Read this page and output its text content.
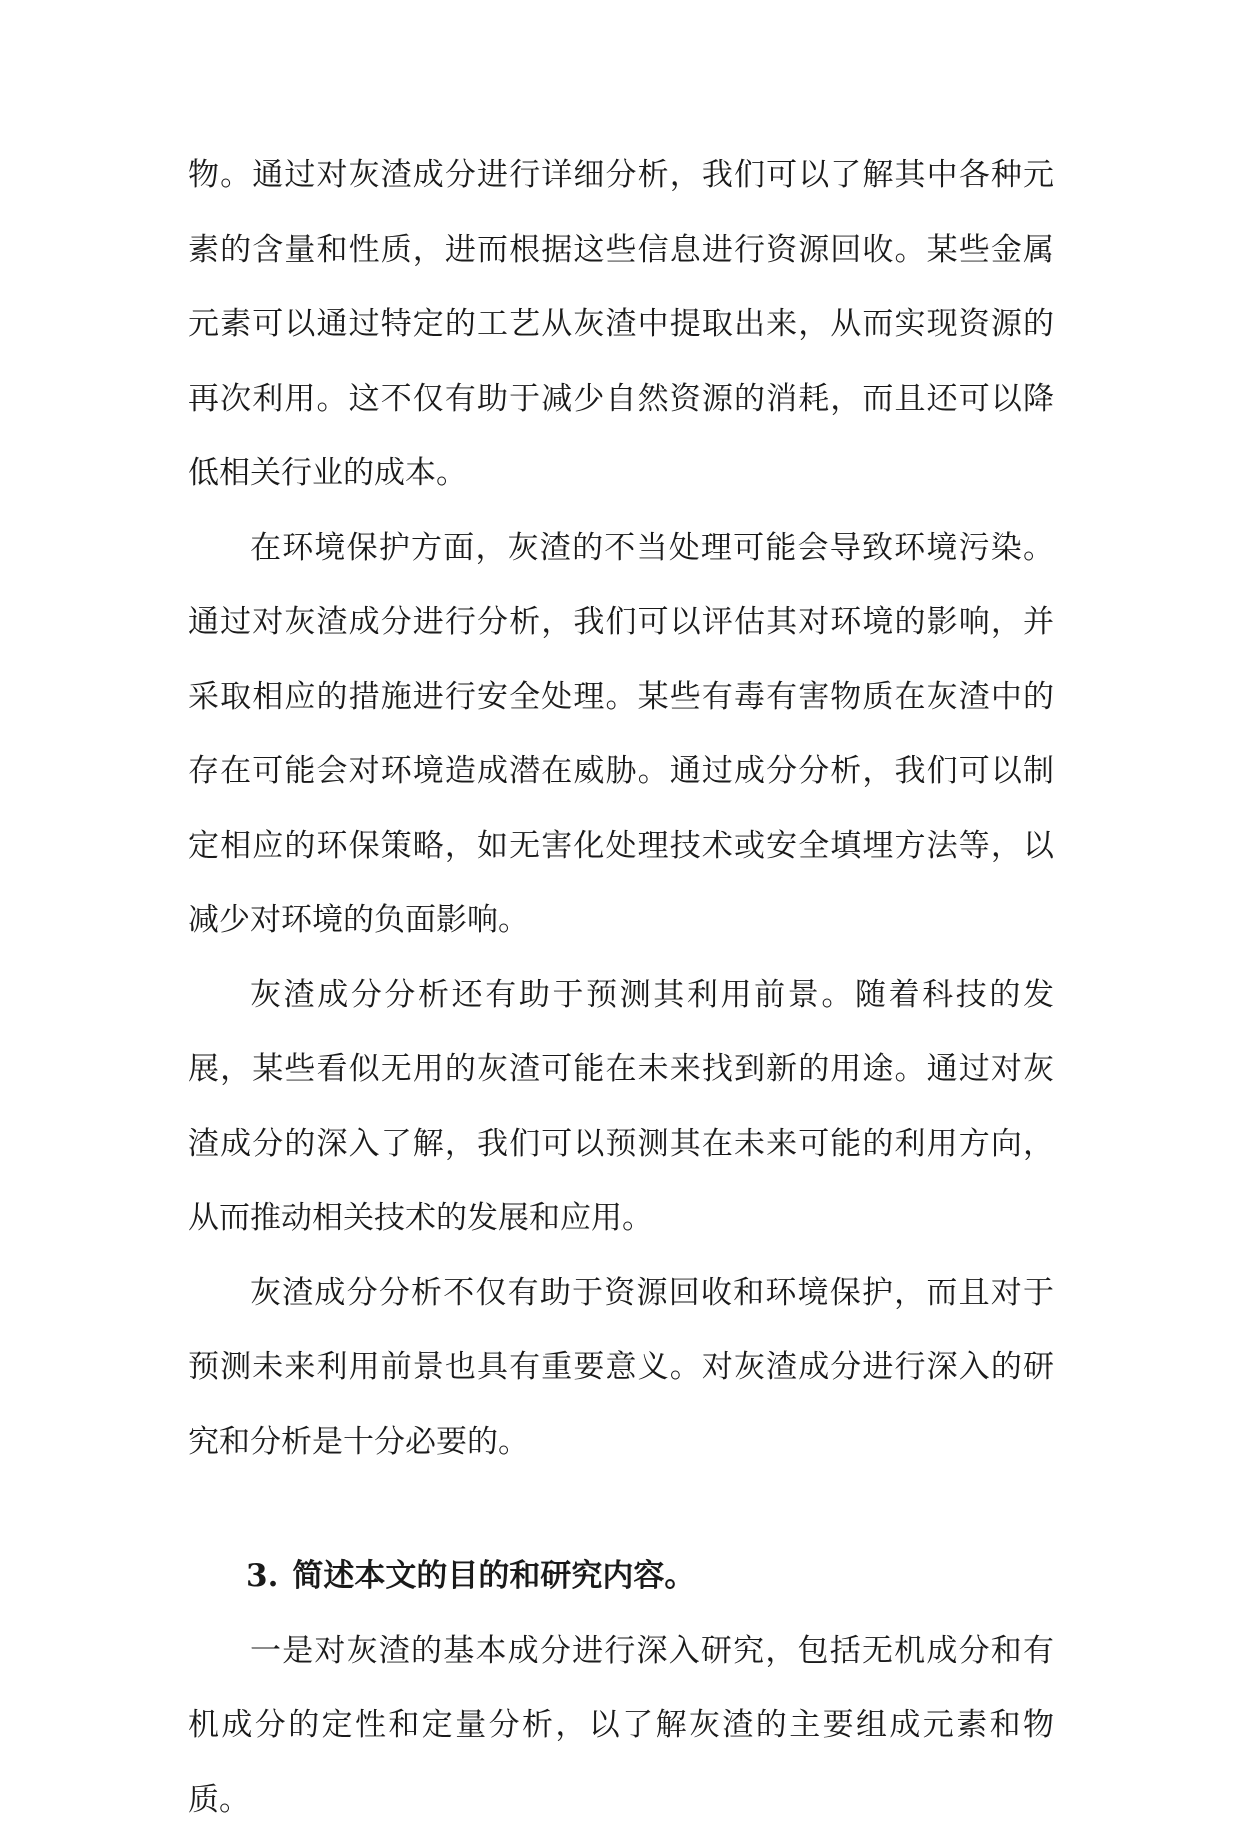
物。通过对灰渣成分进行详细分析，我们可以了解其中各种元素的含量和性质，进而根据这些信息进行资源回收。某些金属元素可以通过特定的工艺从灰渣中提取出来，从而实现资源的再次利用。这不仅有助于减少自然资源的消耗，而且还可以降低相关行业的成本。

在环境保护方面，灰渣的不当处理可能会导致环境污染。通过对灰渣成分进行分析，我们可以评估其对环境的影响，并采取相应的措施进行安全处理。某些有毒有害物质在灰渣中的存在可能会对环境造成潜在威胁。通过成分分析，我们可以制定相应的环保策略，如无害化处理技术或安全填埋方法等，以减少对环境的负面影响。

灰渣成分分析还有助于预测其利用前景。随着科技的发展，某些看似无用的灰渣可能在未来找到新的用途。通过对灰渣成分的深入了解，我们可以预测其在未来可能的利用方向，从而推动相关技术的发展和应用。

灰渣成分分析不仅有助于资源回收和环境保护，而且对于预测未来利用前景也具有重要意义。对灰渣成分进行深入的研究和分析是十分必要的。

3. 简述本文的目的和研究内容。

一是对灰渣的基本成分进行深入研究，包括无机成分和有机成分的定性和定量分析，以了解灰渣的主要组成元素和物质。
